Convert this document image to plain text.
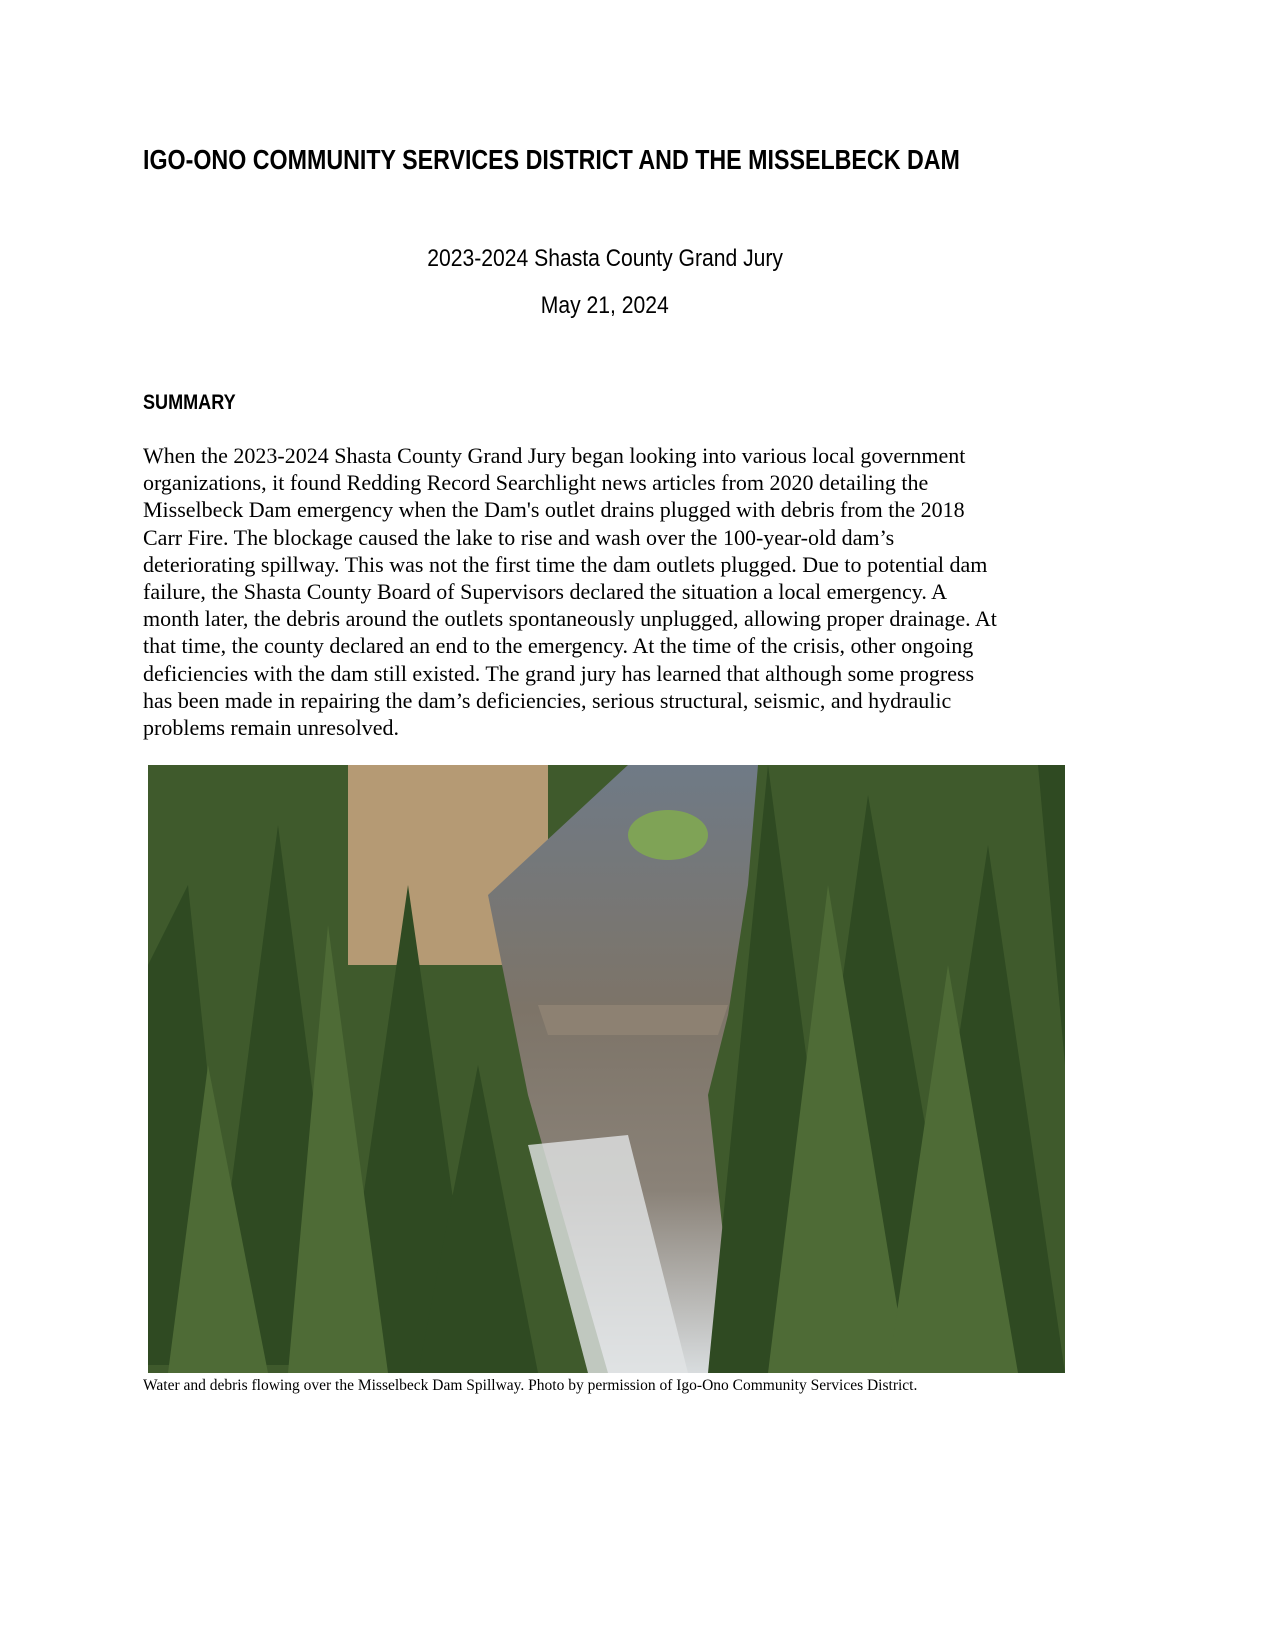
IGO-ONO COMMUNITY SERVICES DISTRICT AND THE MISSELBECK DAM
2023-2024 Shasta County Grand Jury
May 21, 2024
SUMMARY
When the 2023-2024 Shasta County Grand Jury began looking into various local government
organizations, it found Redding Record Searchlight news articles from 2020 detailing the
Misselbeck Dam emergency when the Dam's outlet drains plugged with debris from the 2018
Carr Fire. The blockage caused the lake to rise and wash over the 100-year-old dam’s
deteriorating spillway. This was not the first time the dam outlets plugged. Due to potential dam
failure, the Shasta County Board of Supervisors declared the situation a local emergency. A
month later, the debris around the outlets spontaneously unplugged, allowing proper drainage. At
that time, the county declared an end to the emergency. At the time of the crisis, other ongoing
deficiencies with the dam still existed. The grand jury has learned that although some progress
has been made in repairing the dam’s deficiencies, serious structural, seismic, and hydraulic
problems remain unresolved.
Water and debris flowing over the Misselbeck Dam Spillway. Photo by permission of Igo-Ono Community Services District.
